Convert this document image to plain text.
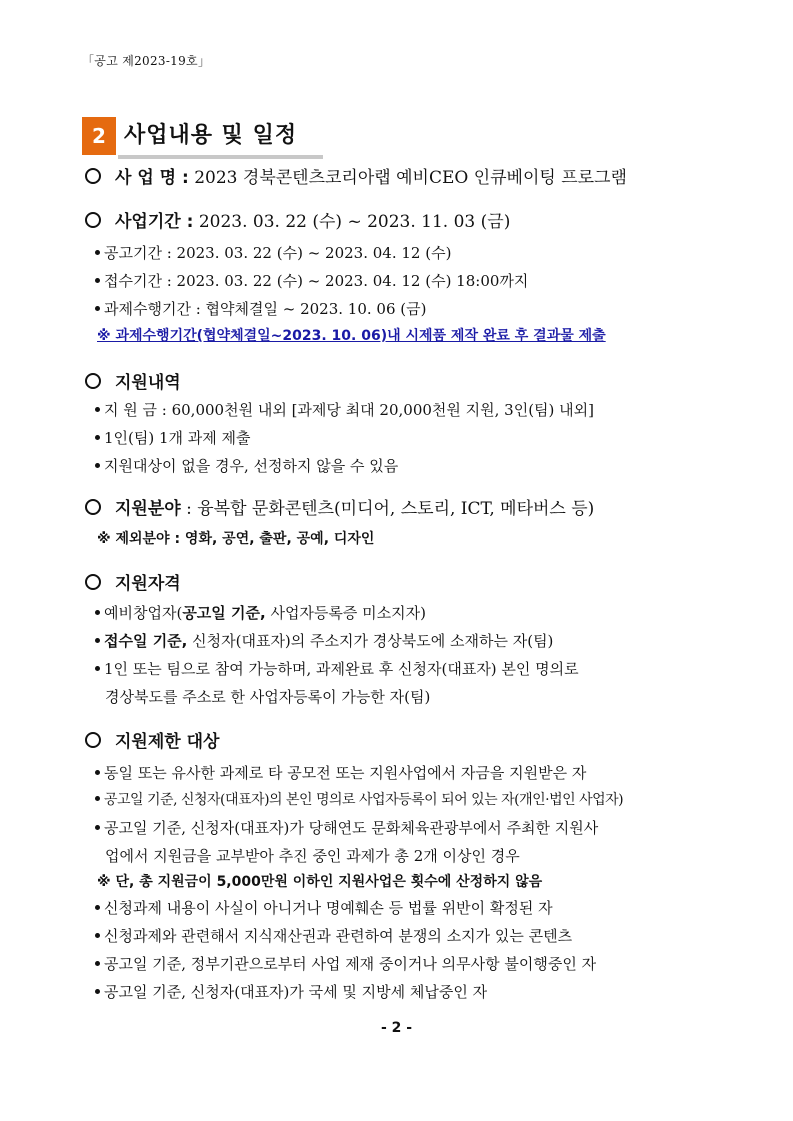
「공고 제2023-19호」
2 사업내용 및 일정
사 업 명 : 2023 경북콘텐츠코리아랩 예비CEO 인큐베이팅 프로그램
사업기간 : 2023. 03. 22 (수) ~ 2023. 11. 03 (금)
공고기간 : 2023. 03. 22 (수) ~ 2023. 04. 12 (수)
접수기간 : 2023. 03. 22 (수) ~ 2023. 04. 12 (수) 18:00까지
과제수행기간 : 협약체결일 ~ 2023. 10. 06 (금)
※ 과제수행기간(협약체결일~2023. 10. 06)내 시제품 제작 완료 후 결과물 제출
지원내역
지 원 금 : 60,000천원 내외 [과제당 최대 20,000천원 지원, 3인(팀) 내외]
1인(팀) 1개 과제 제출
지원대상이 없을 경우, 선정하지 않을 수 있음
지원분야 : 융복합 문화콘텐츠(미디어, 스토리, ICT, 메타버스 등)
※ 제외분야 : 영화, 공연, 출판, 공예, 디자인
지원자격
예비창업자(공고일 기준, 사업자등록증 미소지자)
접수일 기준, 신청자(대표자)의 주소지가 경상북도에 소재하는 자(팀)
1인 또는 팀으로 참여 가능하며, 과제완료 후 신청자(대표자) 본인 명의로
경상북도를 주소로 한 사업자등록이 가능한 자(팀)
지원제한 대상
동일 또는 유사한 과제로 타 공모전 또는 지원사업에서 자금을 지원받은 자
공고일 기준, 신청자(대표자)의 본인 명의로 사업자등록이 되어 있는 자(개인·법인 사업자)
공고일 기준, 신청자(대표자)가 당해연도 문화체육관광부에서 주최한 지원사
업에서 지원금을 교부받아 추진 중인 과제가 총 2개 이상인 경우
※ 단, 총 지원금이 5,000만원 이하인 지원사업은 횟수에 산정하지 않음
신청과제 내용이 사실이 아니거나 명예훼손 등 법률 위반이 확정된 자
신청과제와 관련해서 지식재산권과 관련하여 분쟁의 소지가 있는 콘텐츠
공고일 기준, 정부기관으로부터 사업 제재 중이거나 의무사항 불이행중인 자
공고일 기준, 신청자(대표자)가 국세 및 지방세 체납중인 자
- 2 -
